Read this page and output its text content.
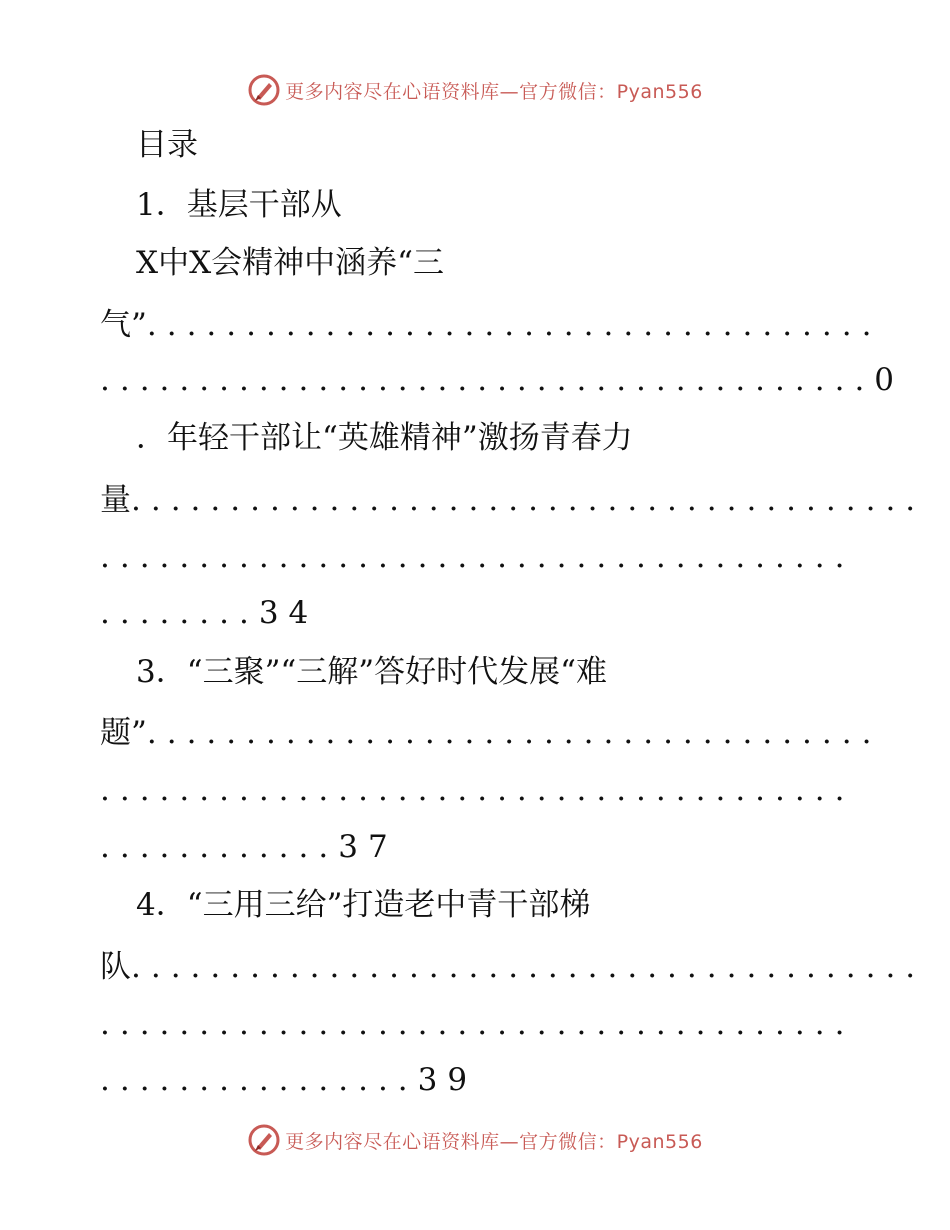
更多内容尽在心语资料库—官方微信：Pyan556
目录
1．基层干部从
X中X会精神中涵养“三
气”.....................................
.......................................0
．年轻干部让“英雄精神”激扬青春力
量........................................
......................................
........34
3．“三聚”“三解”答好时代发展“难
题”.....................................
......................................
............37
4．“三用三给”打造老中青干部梯
队........................................
......................................
................39
更多内容尽在心语资料库—官方微信：Pyan556
